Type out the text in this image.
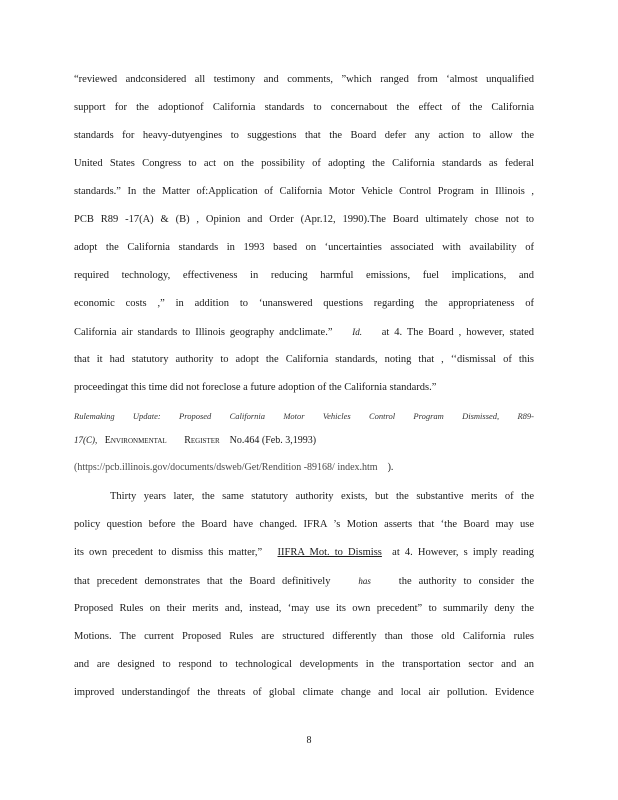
“reviewed andconsidered all testimony and comments, ”which ranged from ‘almost unqualified
support for the adoptionof California standards to concernabout the effect of the California
standards for heavy-dutyengines to suggestions that the Board defer any action to allow the
United States Congress to act on the possibility of adopting the California standards as federal
standards.” In the Matter of:Application of California Motor Vehicle Control Program in Illinois ,
PCB R89 -17(A) & (B) , Opinion and Order (Apr.12, 1990).The Board ultimately chose not to
adopt the California standards in 1993 based on ‘uncertainties associated with availability of
required technology, effectiveness in reducing harmful emissions, fuel implications, and
economic costs ,” in addition to ‘unanswered questions regarding the appropriateness of
California air standards to Illinois geography andclimate.” Id. at 4. The Board , however, stated
that it had statutory authority to adopt the California standards, noting that , ‘‘dismissal of this
proceedingat this time did not foreclose a future adoption of the California standards.”
Rulemaking Update: Proposed California Motor Vehicles Control Program Dismissed, R89-
17(C), Environmental Register No.464 (Feb. 3,1993)
(https://pcb.illinois.gov/documents/dsweb/Get/Rendition -89168/ index.htm ).
Thirty years later, the same statutory authority exists, but the substantive merits of the
policy question before the Board have changed. IFRA ’s Motion asserts that ‘the Board may use
its own precedent to dismiss this matter,” IIFRA Mot. to Dismiss at 4. However, s imply reading
that precedent demonstrates that the Board definitively	has	the authority to consider the
Proposed Rules on their merits and, instead, ‘may use its own precedent” to summarily deny the
Motions. The current Proposed Rules are structured differently than those old California rules
and are designed to respond to technological developments in the transportation sector and an
improved understandingof the threats of global climate change and local air pollution. Evidence
8
